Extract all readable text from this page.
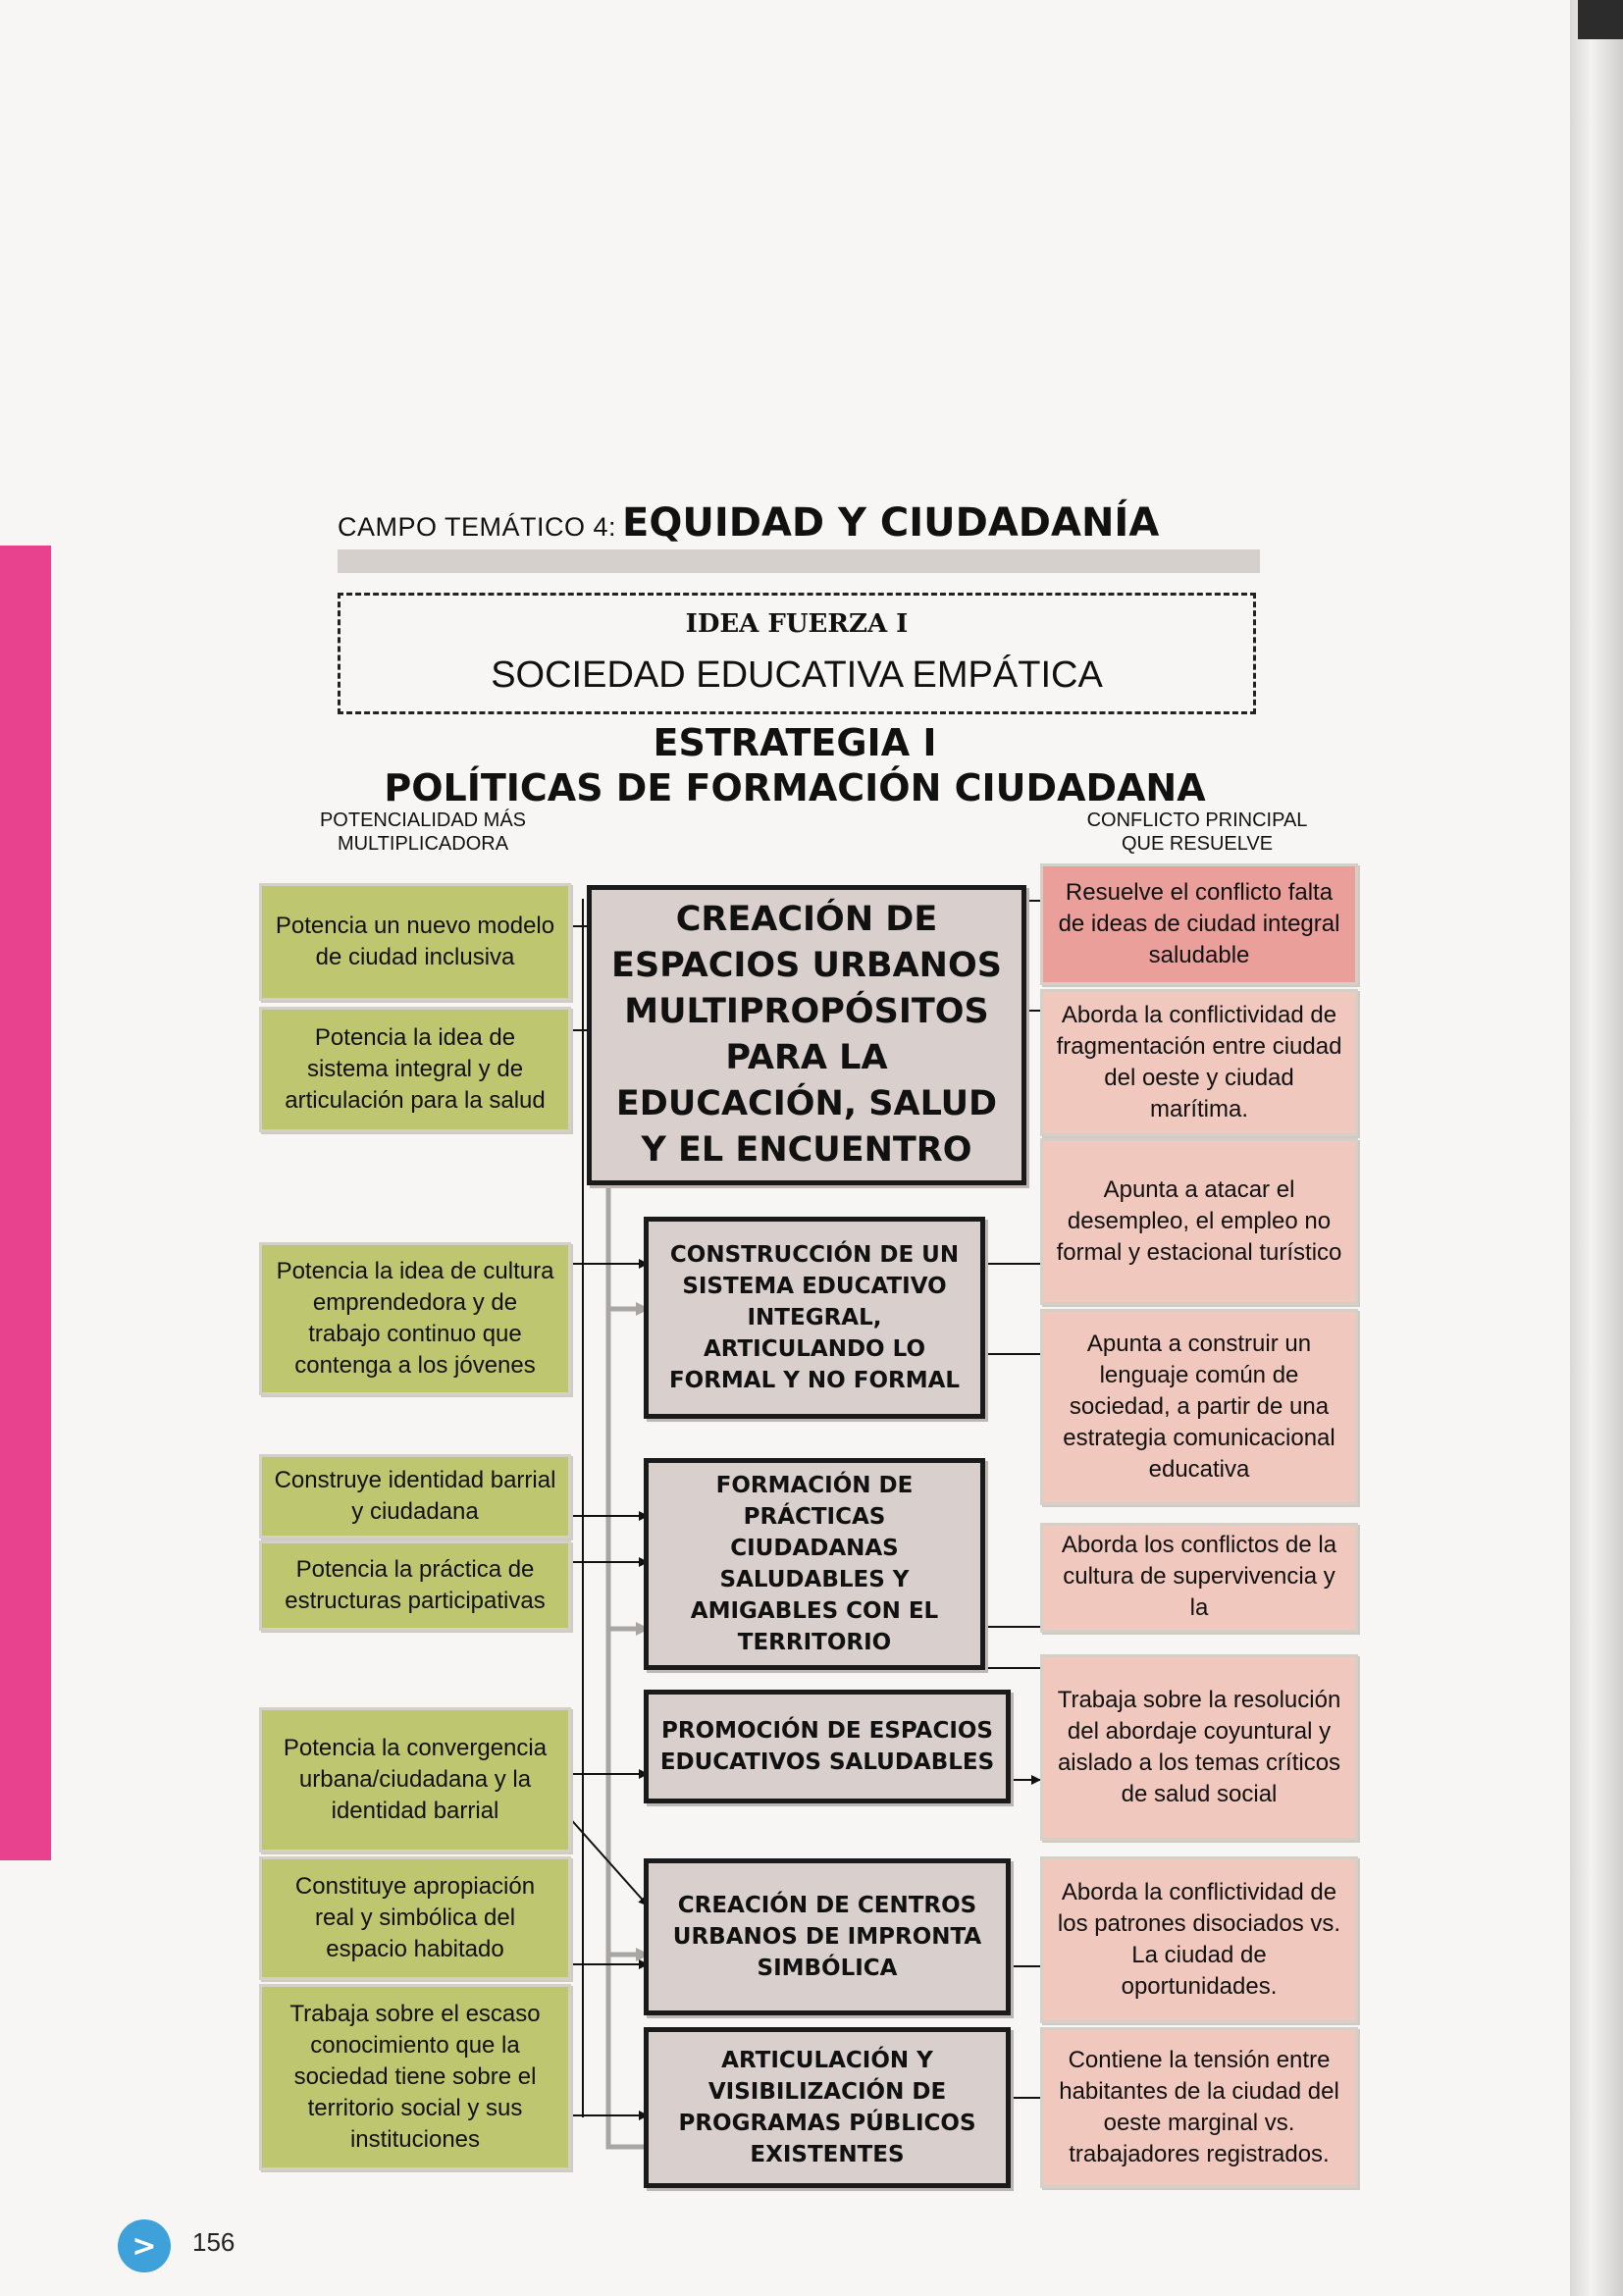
CAMPO TEMÁTICO 4: EQUIDAD Y CIUDADANÍA
IDEA FUERZA I
SOCIEDAD EDUCATIVA EMPÁTICA
ESTRATEGIA I
POLÍTICAS DE FORMACIÓN CIUDADANA
POTENCIALIDAD MÁS
MULTIPLICADORA
CONFLICTO PRINCIPAL
QUE RESUELVE
Potencia un nuevo modelo de ciudad inclusiva
Potencia la idea de sistema integral y de articulación para la salud
Potencia la idea de cultura emprendedora y de trabajo continuo que contenga a los jóvenes
Construye identidad barrial y ciudadana
Potencia la práctica de estructuras participativas
Potencia la convergencia urbana/ciudadana y la identidad barrial
Constituye apropiación real y simbólica del espacio habitado
Trabaja sobre el escaso conocimiento que la sociedad tiene sobre el territorio social y sus instituciones
CREACIÓN DE ESPACIOS URBANOS MULTIPROPÓSITOS PARA LA EDUCACIÓN, SALUD Y EL ENCUENTRO
CONSTRUCCIÓN DE UN SISTEMA EDUCATIVO INTEGRAL, ARTICULANDO LO FORMAL Y NO FORMAL
FORMACIÓN DE PRÁCTICAS CIUDADANAS SALUDABLES Y AMIGABLES CON EL TERRITORIO
PROMOCIÓN DE ESPACIOS EDUCATIVOS SALUDABLES
CREACIÓN DE CENTROS URBANOS DE IMPRONTA SIMBÓLICA
ARTICULACIÓN Y VISIBILIZACIÓN DE PROGRAMAS PÚBLICOS EXISTENTES
Resuelve el conflicto falta de ideas de ciudad integral saludable
Aborda la conflictividad de fragmentación entre ciudad del oeste y ciudad marítima.
Apunta a atacar el desempleo, el empleo no formal y estacional turístico
Apunta a construir un lenguaje común de sociedad, a partir de una estrategia comunicacional educativa
Aborda los conflictos de la cultura de supervivencia y la
Trabaja sobre la resolución del abordaje coyuntural y aislado a los temas críticos de salud social
Aborda la conflictividad de los patrones disociados vs. La ciudad de oportunidades.
Contiene la tensión entre habitantes de la ciudad del oeste marginal vs. trabajadores registrados.
> 156
